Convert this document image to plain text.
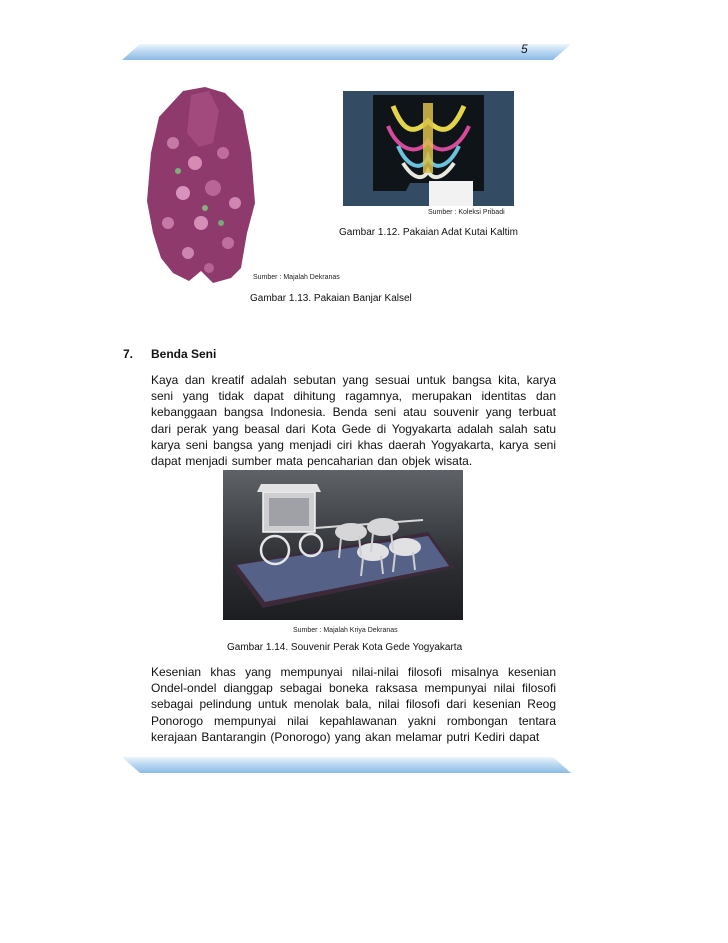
5
Sumber : Koleksi Pribadi
Gambar 1.12. Pakaian Adat Kutai Kaltim
Sumber : Majalah Dekranas
Gambar 1.13. Pakaian Banjar Kalsel
7. Benda Seni

Kaya dan kreatif adalah sebutan yang sesuai untuk bangsa kita, karya seni yang tidak dapat dihitung ragamnya, merupakan identitas dan kebanggaan bangsa Indonesia. Benda seni atau souvenir yang terbuat dari perak yang beasal dari Kota Gede di Yogyakarta adalah salah satu karya seni bangsa yang menjadi ciri khas daerah Yogyakarta, karya seni dapat menjadi sumber mata pencaharian dan objek wisata.

Sumber : Majalah Kriya Dekranas
Gambar 1.14. Souvenir Perak Kota Gede Yogyakarta

Kesenian khas yang mempunyai nilai-nilai filosofi misalnya kesenian Ondel-ondel dianggap sebagai boneka raksasa mempunyai nilai filosofi sebagai pelindung untuk menolak bala, nilai filosofi dari kesenian Reog Ponorogo mempunyai nilai kepahlawanan yakni rombongan tentara kerajaan Bantarangin (Ponorogo) yang akan melamar putri Kediri dapat
